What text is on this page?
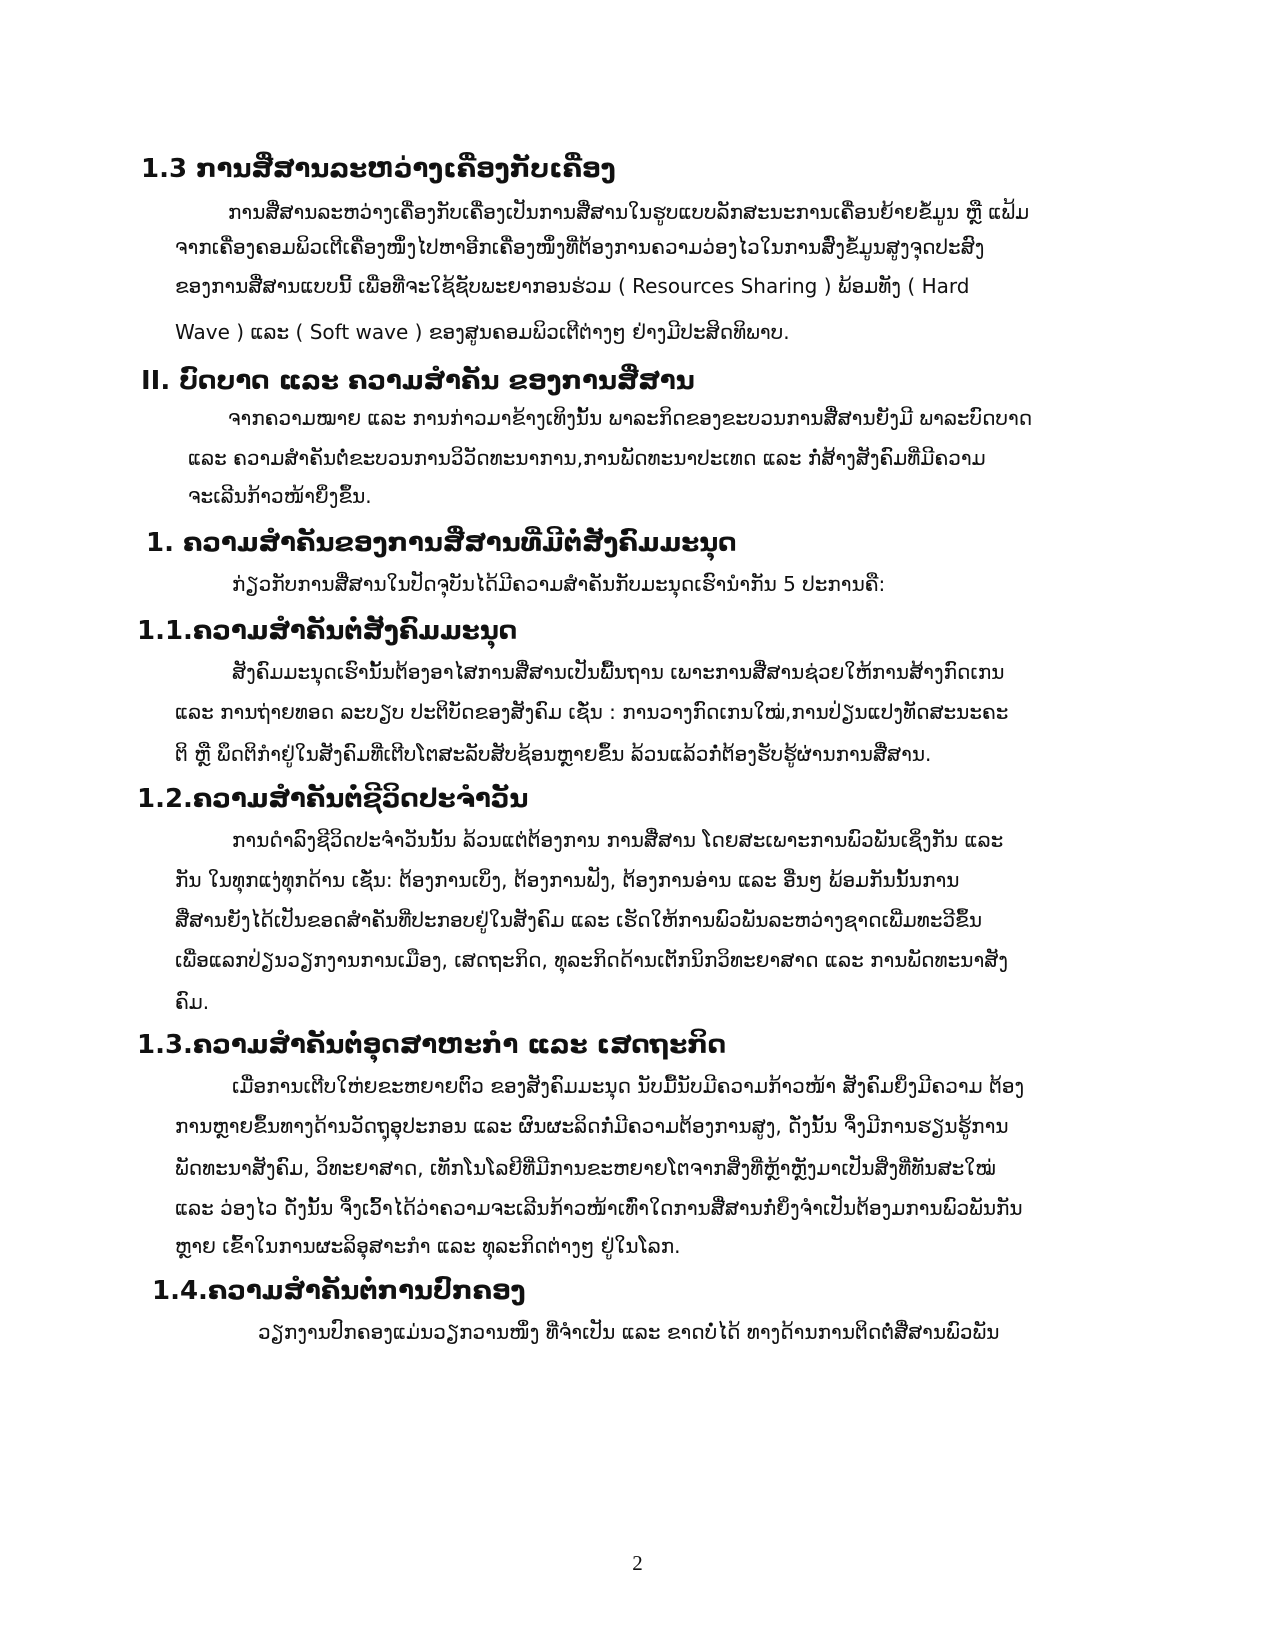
1.3 ການສື່ສານລະຫວ່າງເຄື່ອງກັບເຄື່ອງ
ການສື່ສານລະຫວ່າງເຄື່ອງກັບເຄື່ອງເປັນການສື່ສານໃນຮູບແບບລັກສະນະການເຄື່ອນຍ້າຍຂໍ້ມູນ ຫຼື ແຟ້ມ
ຈາກເຄື່ອງຄອມພິວເຕີເຄື່ອງໜຶ່ງໄປຫາອີກເຄື່ອງໜຶ່ງທີ່ຕ້ອງການຄວາມວ່ອງໄວໃນການສົ່ງຂໍ້ມູນສູງຈຸດປະສົງ
ຂອງການສື່ສານແບບນີ້ ເພື່ອທີ່ຈະໃຊ້ຊັບພະຍາກອນຮ່ວມ ( Resources Sharing ) ພ້ອມທັງ ( Hard
Wave ) ແລະ ( Soft wave ) ຂອງສູນຄອມພິວເຕີຕ່າງໆ ຢ່າງມີປະສິດທິພາບ.
II. ບົດບາດ ແລະ ຄວາມສຳຄັນ ຂອງການສື່ສານ
ຈາກຄວາມໝາຍ ແລະ ການກ່າວມາຂ້າງເທິງນັ້ນ ພາລະກິດຂອງຂະບວນການສື່ສານຍັງມີ ພາລະບົດບາດ
ແລະ ຄວາມສຳຄັນຕໍ່ຂະບວນການວິວັດທະນາການ,ການພັດທະນາປະເທດ ແລະ ກໍ່ສ້າງສັງຄົມທີ່ມີຄວາມ
ຈະເລີນກ້າວໜ້າຍິ່ງຂຶ້ນ.
1. ຄວາມສຳຄັນຂອງການສື່ສານທີ່ມີຕໍ່ສັງຄົມມະນຸດ
ກ່ຽວກັບການສື່ສານໃນປັດຈຸບັນໄດ້ມີຄວາມສຳຄັນກັບມະນຸດເຮົານຳກັນ 5 ປະການຄື:
1.1.ຄວາມສຳຄັນຕໍ່ສັງຄົມມະນຸດ
ສັງຄົມມະນຸດເຮົານັ້ນຕ້ອງອາໄສການສື່ສານເປັນພື້ນຖານ ເພາະການສື່ສານຊ່ວຍໃຫ້ການສ້າງກົດເກນ
ແລະ ການຖ່າຍທອດ ລະບຽບ ປະຕິບັດຂອງສັງຄົມ ເຊັ່ນ : ການວາງກົດເກນໃໝ່,ການປ່ຽນແປງທັດສະນະຄະ
ຕິ ຫຼື ພຶດຕິກຳຢູ່ໃນສັງຄົມທີ່ເຕີບໂຕສະລັບສັບຊ້ອນຫຼາຍຂຶ້ນ ລ້ວນແລ້ວກໍ່ຕ້ອງຮັບຮູ້ຜ່ານການສື່ສານ.
1.2.ຄວາມສຳຄັນຕໍ່ຊີວິດປະຈຳວັນ
ການດຳລົງຊີວິດປະຈຳວັນນັ້ນ ລ້ວນແຕ່ຕ້ອງການ ການສື່ສານ ໂດຍສະເພາະການພົວພັນເຊິ່ງກັນ ແລະ
ກັນ ໃນທຸກແງ່ທຸກດ້ານ ເຊັ່ນ: ຕ້ອງການເບິ່ງ, ຕ້ອງການຟັງ, ຕ້ອງການອ່ານ ແລະ ອື່ນໆ ພ້ອມກັນນັ້ນການ
ສື່ສານຍັງໄດ້ເປັນຂອດສຳຄັນທີ່ປະກອບຢູ່ໃນສັງຄົມ ແລະ ເຮັດໃຫ້ການພົວພັນລະຫວ່າງຊາດເພີ່ມທະວີຂຶ້ນ
ເພື່ອແລກປ່ຽນວຽກງານການເມືອງ, ເສດຖະກິດ, ທຸລະກິດດ້ານເຕັກນິກວິທະຍາສາດ ແລະ ການພັດທະນາສັງ
ຄົມ.
1.3.ຄວາມສຳຄັນຕໍ່ອຸດສາຫະກຳ ແລະ ເສດຖະກິດ
ເມື່ອການເຕີບໃຫ່ຍຂະຫຍາຍຕົວ ຂອງສັງຄົມມະນຸດ ນັບມື້ນັບມີຄວາມກ້າວໜ້າ ສັງຄົມຍິ່ງມີຄວາມ ຕ້ອງ
ການຫຼາຍຂຶ້ນທາງດ້ານວັດຖຸອຸປະກອນ ແລະ ຜົນຜະລິດກໍ່ມີຄວາມຕ້ອງການສູງ, ດັ່ງນັ້ນ ຈຶ່ງມີການຮຽນຮູ້ການ
ພັດທະນາສັງຄົມ, ວິທະຍາສາດ, ເທັກໂນໂລຍີທີ່ມີການຂະຫຍາຍໂຕຈາກສິ່ງທີ່ຫຼ້າຫຼັງມາເປັນສິ່ງທີ່ທັນສະໃໝ່
ແລະ ວ່ອງໄວ ດັ່ງນັ້ນ ຈຶ່ງເວົ້າໄດ້ວ່າຄວາມຈະເລີນກ້າວໜ້າເທົ່າໃດການສື່ສານກໍ່ຍິ່ງຈຳເປັນຕ້ອງມການພົວພັນກັນ
ຫຼາຍ ເຂົ້າໃນການຜະລິອຸສາະກຳ ແລະ ທຸລະກິດຕ່າງໆ ຢູ່ໃນໂລກ.
1.4.ຄວາມສຳຄັນຕໍ່ການປົກຄອງ
ວຽກງານປົກຄອງແມ່ນວຽກວານໜຶ່ງ ທີ່ຈຳເປັນ ແລະ ຂາດບໍ່ໄດ້ ທາງດ້ານການຕິດຕໍ່ສື່ສານພົວພັນ
2
